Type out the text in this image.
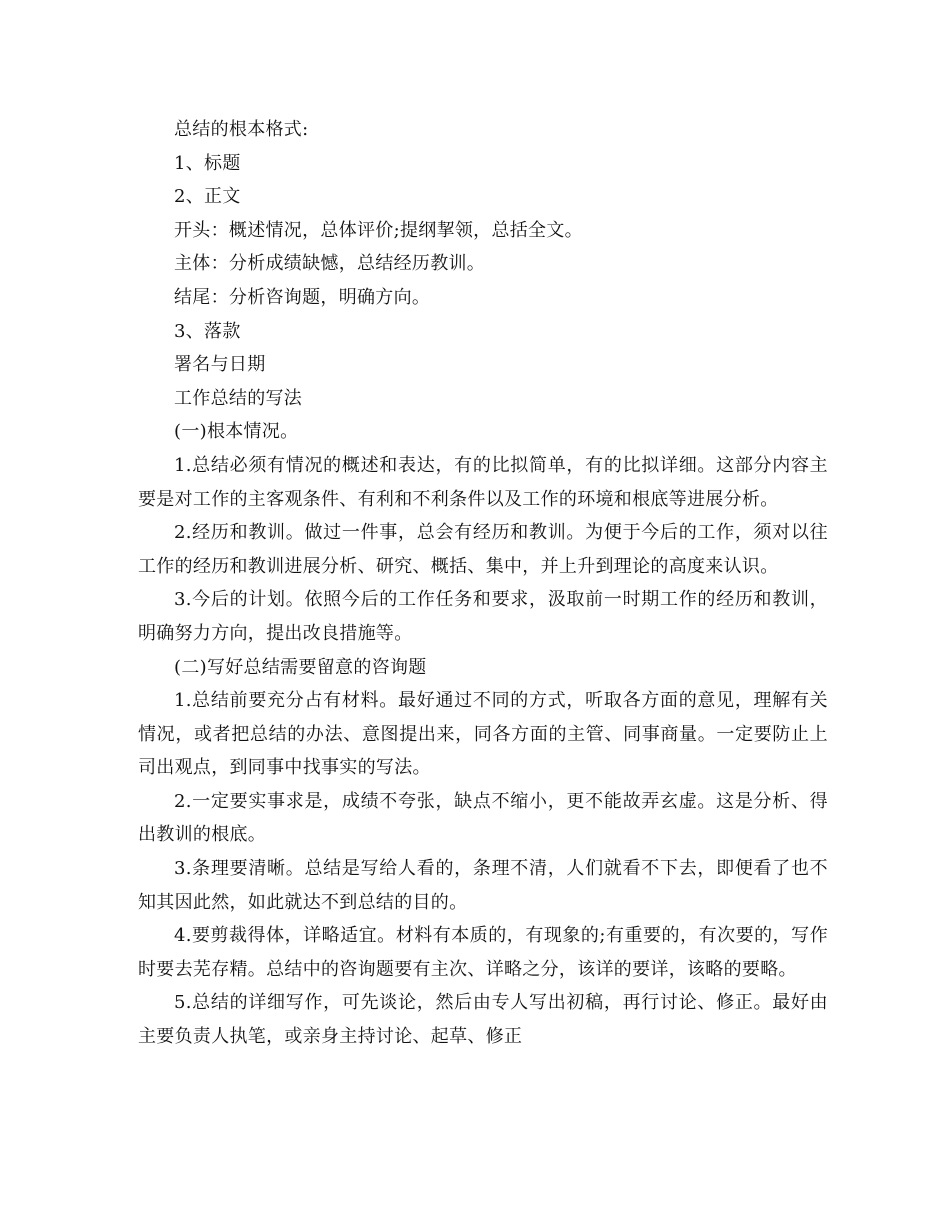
总结的根本格式:

1、标题

2、正文

开头：概述情况，总体评价;提纲挈领，总括全文。

主体：分析成绩缺憾，总结经历教训。

结尾：分析咨询题，明确方向。

3、落款

署名与日期

工作总结的写法

(一)根本情况。

1.总结必须有情况的概述和表达，有的比拟简单，有的比拟详细。这部分内容主要是对工作的主客观条件、有利和不利条件以及工作的环境和根底等进展分析。

2.经历和教训。做过一件事，总会有经历和教训。为便于今后的工作，须对以往工作的经历和教训进展分析、研究、概括、集中，并上升到理论的高度来认识。

3.今后的计划。依照今后的工作任务和要求，汲取前一时期工作的经历和教训，明确努力方向，提出改良措施等。

(二)写好总结需要留意的咨询题

1.总结前要充分占有材料。最好通过不同的方式，听取各方面的意见，理解有关情况，或者把总结的办法、意图提出来，同各方面的主管、同事商量。一定要防止上司出观点，到同事中找事实的写法。

2.一定要实事求是，成绩不夸张，缺点不缩小，更不能故弄玄虚。这是分析、得出教训的根底。

3.条理要清晰。总结是写给人看的，条理不清，人们就看不下去，即便看了也不知其因此然，如此就达不到总结的目的。

4.要剪裁得体，详略适宜。材料有本质的，有现象的;有重要的，有次要的，写作时要去芜存精。总结中的咨询题要有主次、详略之分，该详的要详，该略的要略。

5.总结的详细写作，可先谈论，然后由专人写出初稿，再行讨论、修正。最好由主要负责人执笔，或亲身主持讨论、起草、修正
